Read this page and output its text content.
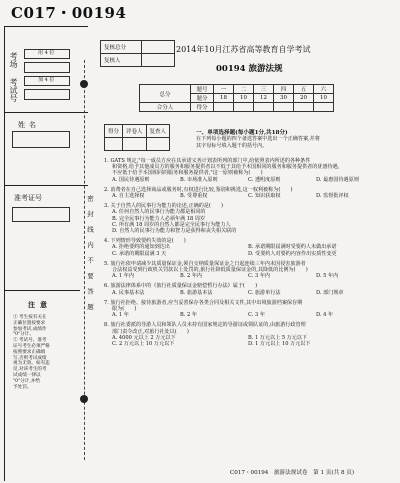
C017・00194
考场
考试号
用 4 位
加 4 位
姓名
准考证号	密封线内不要答题
注意
① 考生按有关在
正确位置按要求
参加考试,成绩作
"0"分计。
② 考试号、准考
证号考生必须严格
按照要求正确填
写,否则考试成绩
视为无效。如有违
反,对该考生的考
试成绩一律以
"0"分计,并给
予处罚。
复核总分	
复核人	
2014年10月江苏省高等教育自学考试
00194 旅游法规
总分	题号	一	二	三	四	五	六
	题分	18	10	12	30	20	10
合分人	得分						
得分	评卷人	复查人
			一、单项选择题(每小题1分,共18分)
在下列每小题的四个备选答案中选出一个正确答案,并将
其字母标号填入题干的括号内。
1. GATS 规定,"每一成员方应在其承诺义务计划表所列的部门中,给依照表内所述的各种条件
和资格,给予其他成员方的服务和服务提供者以不低于其给予本国相同的服务和服务提供者的优惠待遇,
不应低于给予本国相同的服务和服务提供者,"这一原则被称为(　　)
A. 国民待遇原则	B. 市场准入原则	C. 透明度原则	D. 最惠国待遇原则
2. 消费者在自己选择商品或服务时,有权进行比较,鉴别和挑选,这一权利被称为(　　)
A. 自主选择权	B. 受尊重权	C. 知识获取权	D. 监督批评权
3. 关于自然人的民事行为能力的论述,正确的是(　　)
A. 任何自然人的民事行为能力都是相同的
B. 完全民事行为能力人必须年满 18 周岁
C. 所有满 18 周岁的自然人都是完全民事行为能力人
D. 自然人的民事行为能力和智力是获得和丧失相关联的
4. 下列情形导致要约失效的是(　　)
A. 拒绝要约的通知到达出	B. 承诺期限届满时受要约人未做出承诺
C. 承诺的期限届满 3 天	D. 受要约人对要约内容作出实质性变更
5. 旅行社依申请减少其质量保证金,须自交纳质量保证金之日起连续三年内未因侵害旅游者
合法权益受到行政机关罚款以上处罚的,旅行社降低质量保证金的,其降低的比例为(　　)
A. 1 年内	B. 2 年内	C. 3 年内	D. 5 年内
6. 旅游法律体系中的《旅行社质量保证金赔偿暂行办法》属于(　　)
A. 民事基本法	B. 旅游基本法	C. 旅游单行法	D. 部门规章
7. 旅行社拒绝、接待旅游者,应当妥善保存各类合同及相关文件,其中出境旅游档案保存期
限为(　　)
A. 1 年	B. 2 年	C. 3 年	D. 4 年
8. 旅行社委派的导游人员和领队人员未持有国家规定的导游证或领队证的,由旅游行政管理
部门责令改正,对旅行社处以(　　)
A. 4000 元以上 2 万元以下	B. 1 万元以上 5 万元以下
C. 2 万元以上 10 万元以下	D. 1 万元以上 10 万元以下
C017・00194　旅游法规试卷　第 1 页(共 8 页)
